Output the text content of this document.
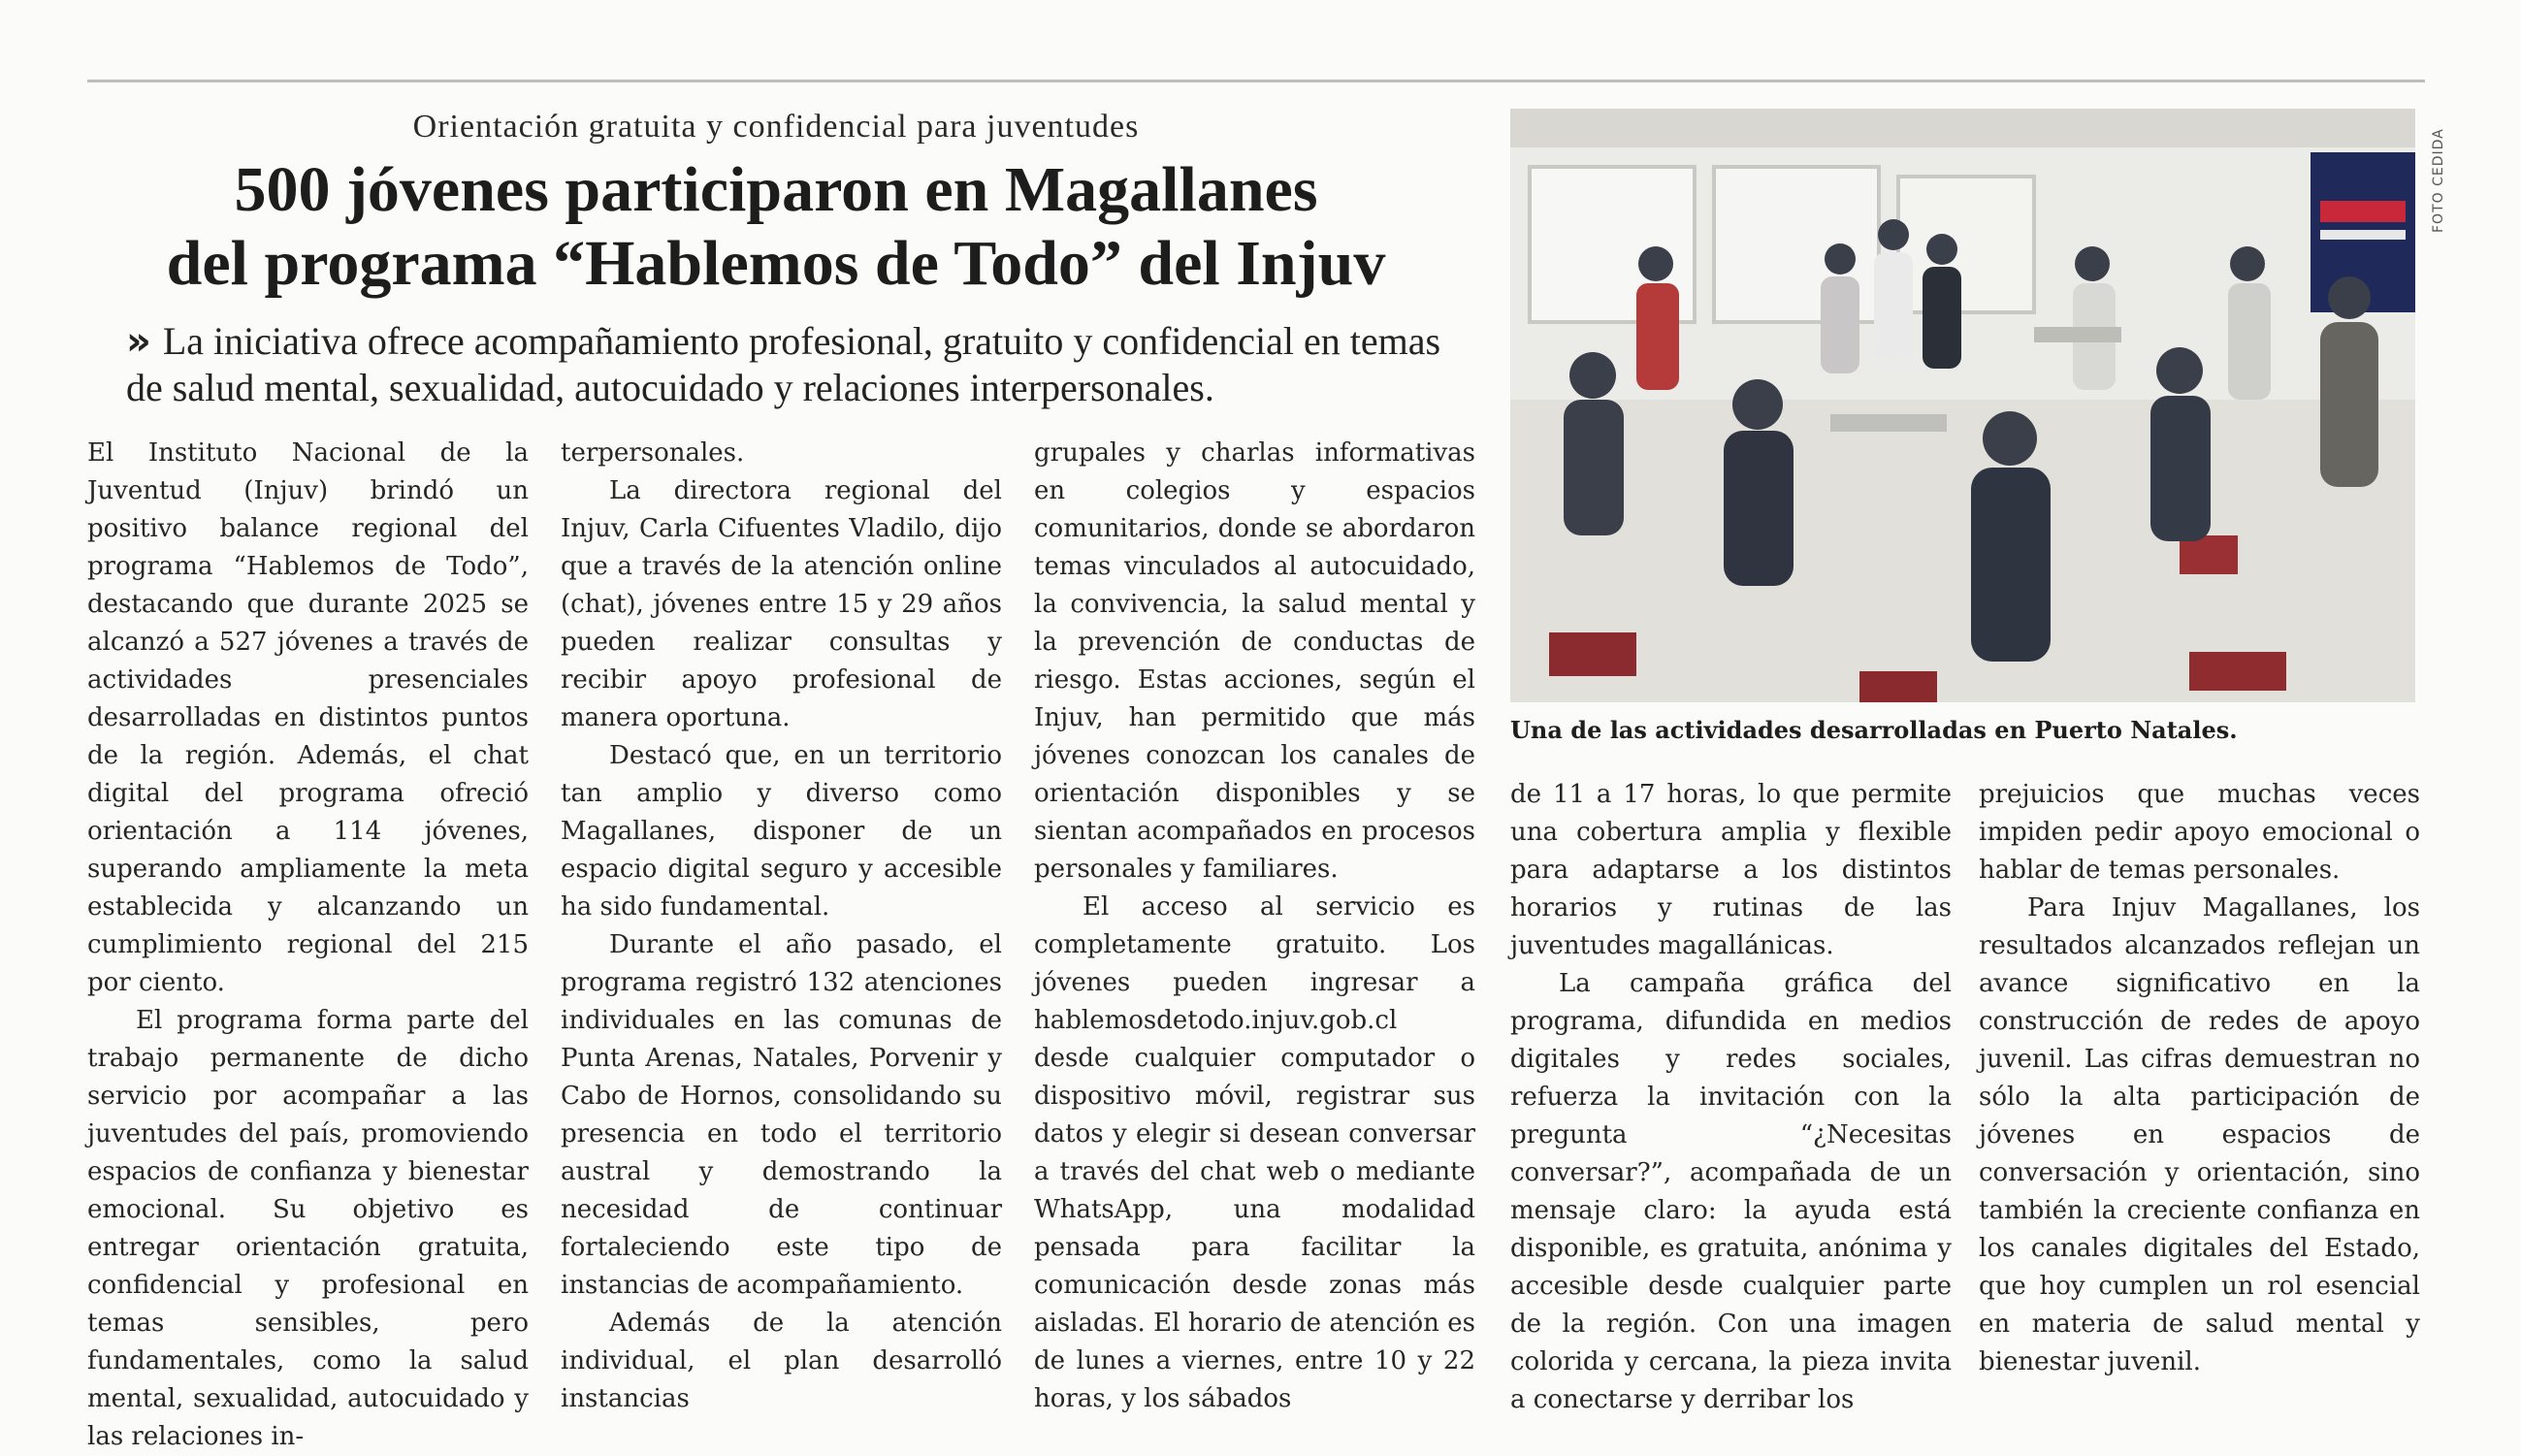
Orientación gratuita y confidencial para juventudes
500 jóvenes participaron en Magallanes
del programa “Hablemos de Todo” del Injuv
» La iniciativa ofrece acompañamiento profesional, gratuito y confidencial en temas de salud mental, sexualidad, autocuidado y relaciones interpersonales.

El Instituto Nacional de la Juventud (Injuv) brindó un positivo balance regional del programa “Hablemos de Todo”, destacando que durante 2025 se alcanzó a 527 jóvenes a través de actividades presenciales desarrolladas en distintos puntos de la región. Además, el chat digital del programa ofreció orientación a 114 jóvenes, superando ampliamente la meta establecida y alcanzando un cumplimiento regional del 215 por ciento.

El programa forma parte del trabajo permanente de dicho servicio por acompañar a las juventudes del país, promoviendo espacios de confianza y bienestar emocional. Su objetivo es entregar orientación gratuita, confidencial y profesional en temas sensibles, pero fundamentales, como la salud mental, sexualidad, autocuidado y las relaciones in-

terpersonales.

La directora regional del Injuv, Carla Cifuentes Vladilo, dijo que a través de la atención online (chat), jóvenes entre 15 y 29 años pueden realizar consultas y recibir apoyo profesional de manera oportuna.

Destacó que, en un territorio tan amplio y diverso como Magallanes, disponer de un espacio digital seguro y accesible ha sido fundamental.

Durante el año pasado, el programa registró 132 atenciones individuales en las comunas de Punta Arenas, Natales, Porvenir y Cabo de Hornos, consolidando su presencia en todo el territorio austral y demostrando la necesidad de continuar fortaleciendo este tipo de instancias de acompañamiento.

Además de la atención individual, el plan desarrolló instancias

grupales y charlas informativas en colegios y espacios comunitarios, donde se abordaron temas vinculados al autocuidado, la convivencia, la salud mental y la prevención de conductas de riesgo. Estas acciones, según el Injuv, han permitido que más jóvenes conozcan los canales de orientación disponibles y se sientan acompañados en procesos personales y familiares.

El acceso al servicio es completamente gratuito. Los jóvenes pueden ingresar a hablemosdetodo.injuv.gob.cl desde cualquier computador o dispositivo móvil, registrar sus datos y elegir si desean conversar a través del chat web o mediante WhatsApp, una modalidad pensada para facilitar la comunicación desde zonas más aisladas. El horario de atención es de lunes a viernes, entre 10 y 22 horas, y los sábados

FOTO CEDIDA
Una de las actividades desarrolladas en Puerto Natales.

de 11 a 17 horas, lo que permite una cobertura amplia y flexible para adaptarse a los distintos horarios y rutinas de las juventudes magallánicas.

La campaña gráfica del programa, difundida en medios digitales y redes sociales, refuerza la invitación con la pregunta “¿Necesitas conversar?”, acompañada de un mensaje claro: la ayuda está disponible, es gratuita, anónima y accesible desde cualquier parte de la región. Con una imagen colorida y cercana, la pieza invita a conectarse y derribar los

prejuicios que muchas veces impiden pedir apoyo emocional o hablar de temas personales.

Para Injuv Magallanes, los resultados alcanzados reflejan un avance significativo en la construcción de redes de apoyo juvenil. Las cifras demuestran no sólo la alta participación de jóvenes en espacios de conversación y orientación, sino también la creciente confianza en los canales digitales del Estado, que hoy cumplen un rol esencial en materia de salud mental y bienestar juvenil.
